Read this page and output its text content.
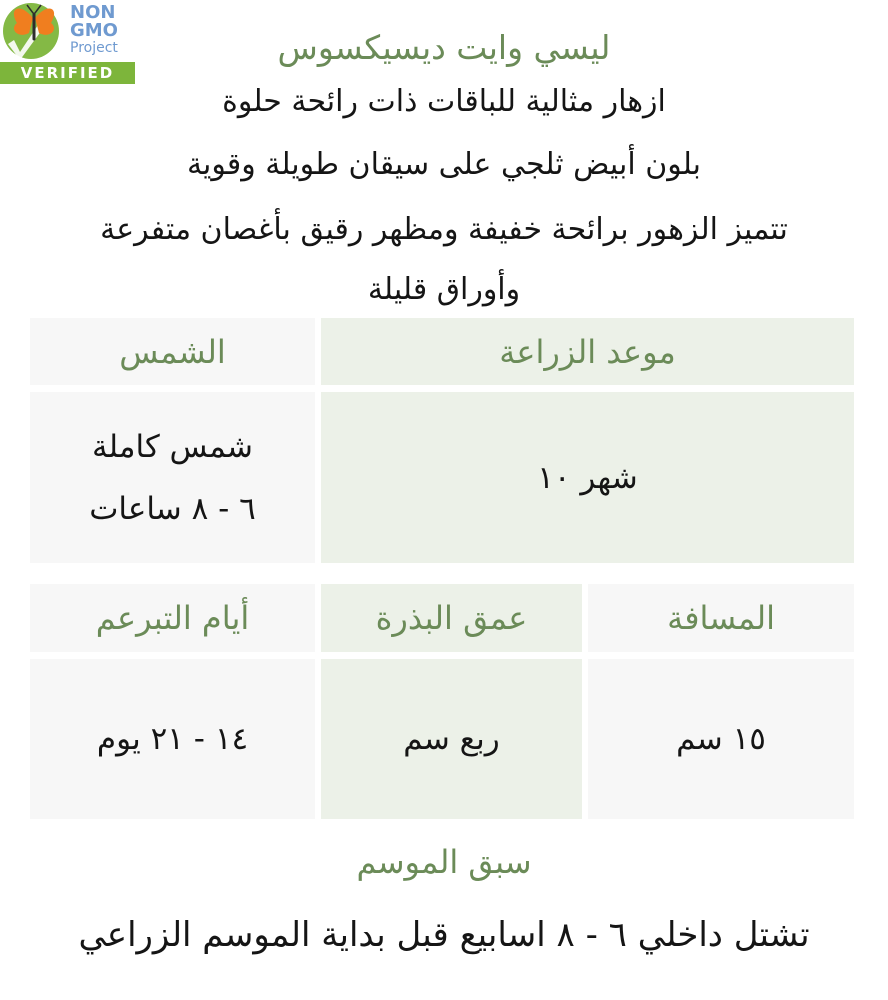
NON
GMO
Project
VERIFIED
ليسي وايت ديسيكسوس
ازهار مثالية للباقات ذات رائحة حلوة
بلون أبيض ثلجي على سيقان طويلة وقوية
تتميز الزهور برائحة خفيفة ومظهر رقيق بأغصان متفرعة
وأوراق قليلة
موعد الزراعة
الشمس
شهر ١٠
شمس كاملة
٦ - ٨ ساعات
المسافة
عمق البذرة
أيام التبرعم
١٥ سم
ربع سم
١٤ - ٢١ يوم
سبق الموسم
تشتل داخلي ٦ - ٨ اسابيع قبل بداية الموسم الزراعي
